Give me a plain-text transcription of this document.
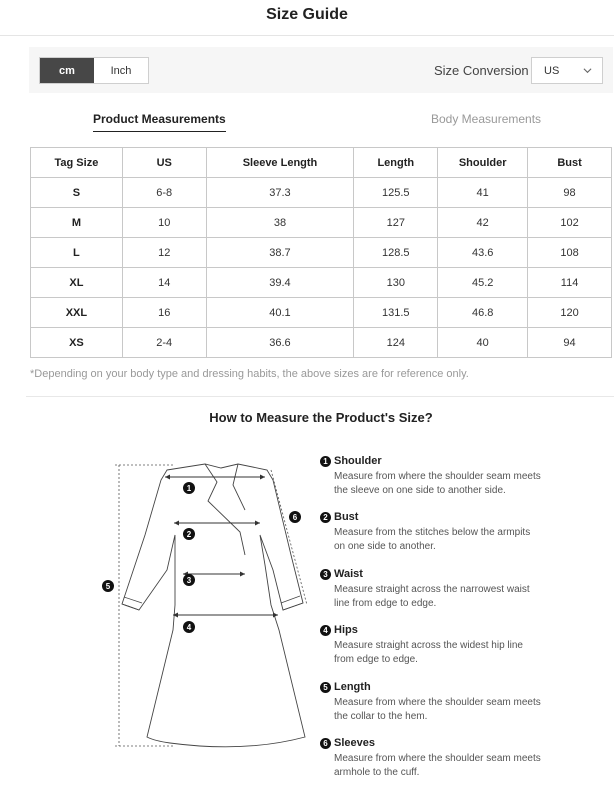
Size Guide
cm	Inch	Size Conversion US
Product Measurements	Body Measurements
Tag Size	US	Sleeve Length	Length	Shoulder	Bust
S	6-8	37.3	125.5	41	98
M	10	38	127	42	102
L	12	38.7	128.5	43.6	108
XL	14	39.4	130	45.2	114
XXL	16	40.1	131.5	46.8	120
XS	2-4	36.6	124	40	94
*Depending on your body type and dressing habits, the above sizes are for reference only.
How to Measure the Product's Size?
1
2
3
4
5
6
1 Shoulder
Measure from where the shoulder seam meets the sleeve on one side to another side.
2 Bust
Measure from the stitches below the armpits on one side to another.
3 Waist
Measure straight across the narrowest waist line from edge to edge.
4 Hips
Measure straight across the widest hip line from edge to edge.
5 Length
Measure from where the shoulder seam meets the collar to the hem.
6 Sleeves
Measure from where the shoulder seam meets armhole to the cuff.
